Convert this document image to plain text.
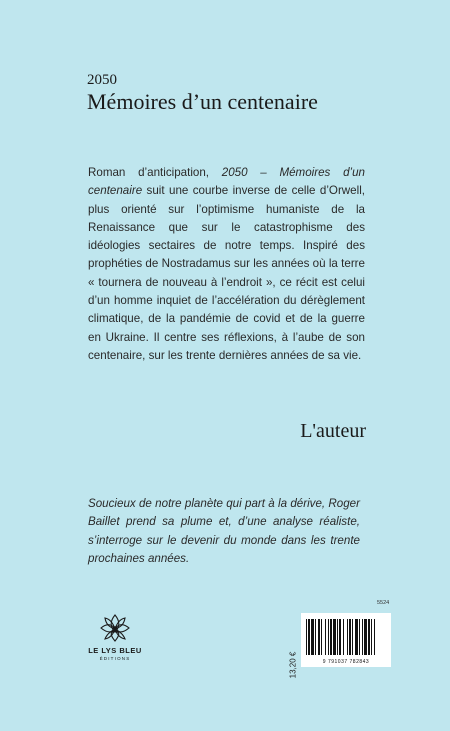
2050
Mémoires d’un centenaire

Roman d’anticipation, 2050 – Mémoires d’un centenaire suit une courbe inverse de celle d’Orwell, plus orienté sur l’optimisme humaniste de la Renaissance que sur le catastrophisme des idéologies sectaires de notre temps. Inspiré des prophéties de Nostradamus sur les années où la terre « tournera de nouveau à l’endroit », ce récit est celui d’un homme inquiet de l’accélération du dérèglement climatique, de la pandémie de covid et de la guerre en Ukraine. Il centre ses réflexions, à l’aube de son centenaire, sur les trente dernières années de sa vie.

L'auteur

Soucieux de notre planète qui part à la dérive, Roger Baillet prend sa plume et, d’une analyse réaliste, s’interroge sur le devenir du monde dans les trente prochaines années.

LE LYS BLEU
ÉDITIONS
5524
13,20 €	9 791037 782843
